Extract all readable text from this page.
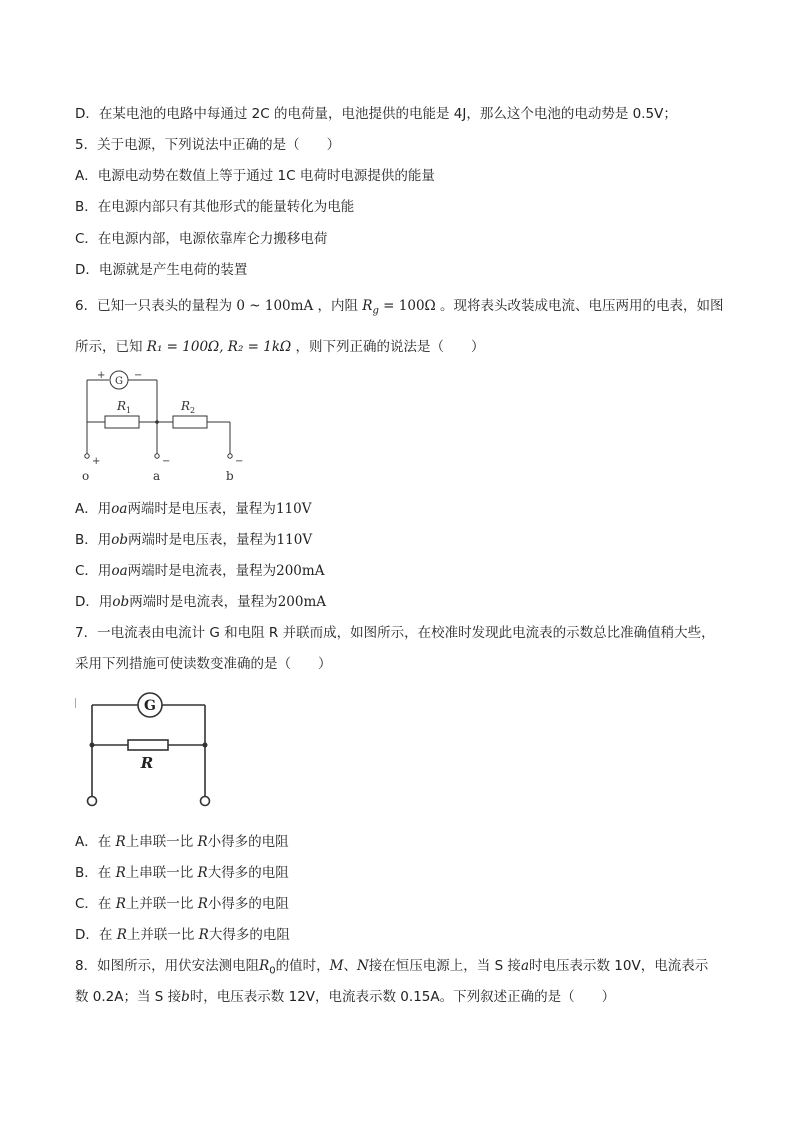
D．在某电池的电路中每通过 2C 的电荷量，电池提供的电能是 4J，那么这个电池的电动势是 0.5V；
5．关于电源，下列说法中正确的是（　　）
A．电源电动势在数值上等于通过 1C 电荷时电源提供的能量
B．在电源内部只有其他形式的能量转化为电能
C．在电源内部，电源依靠库仑力搬移电荷
D．电源就是产生电荷的装置
6．已知一只表头的量程为 0 ~ 100mA ，内阻 $R_g = 100\Omega$ 。现将表头改装成电流、电压两用的电表，如图
所示，已知 R₁ = 100Ω, R₂ = 1kΩ ，则下列正确的说法是（　　）
G
+	−
R 1	R 2
o
+
a
−
b
−
A．用oa两端时是电压表，量程为110V
B．用ob两端时是电压表，量程为110V
C．用oa两端时是电流表，量程为200mA
D．用ob两端时是电流表，量程为200mA
7．一电流表由电流计 G 和电阻 R 并联而成，如图所示，在校准时发现此电流表的示数总比准确值稍大些，
采用下列措施可使读数变准确的是（　　）
G
R
A．在 R上串联一比 R小得多的电阻
B．在 R上串联一比 R大得多的电阻
C．在 R上并联一比 R小得多的电阻
D．在 R上并联一比 R大得多的电阻
8．如图所示，用伏安法测电阻$R_0$的值时，M、N接在恒压电源上，当 S 接a时电压表示数 10V，电流表示
数 0.2A；当 S 接b时，电压表示数 12V，电流表示数 0.15A。下列叙述正确的是（　　）
